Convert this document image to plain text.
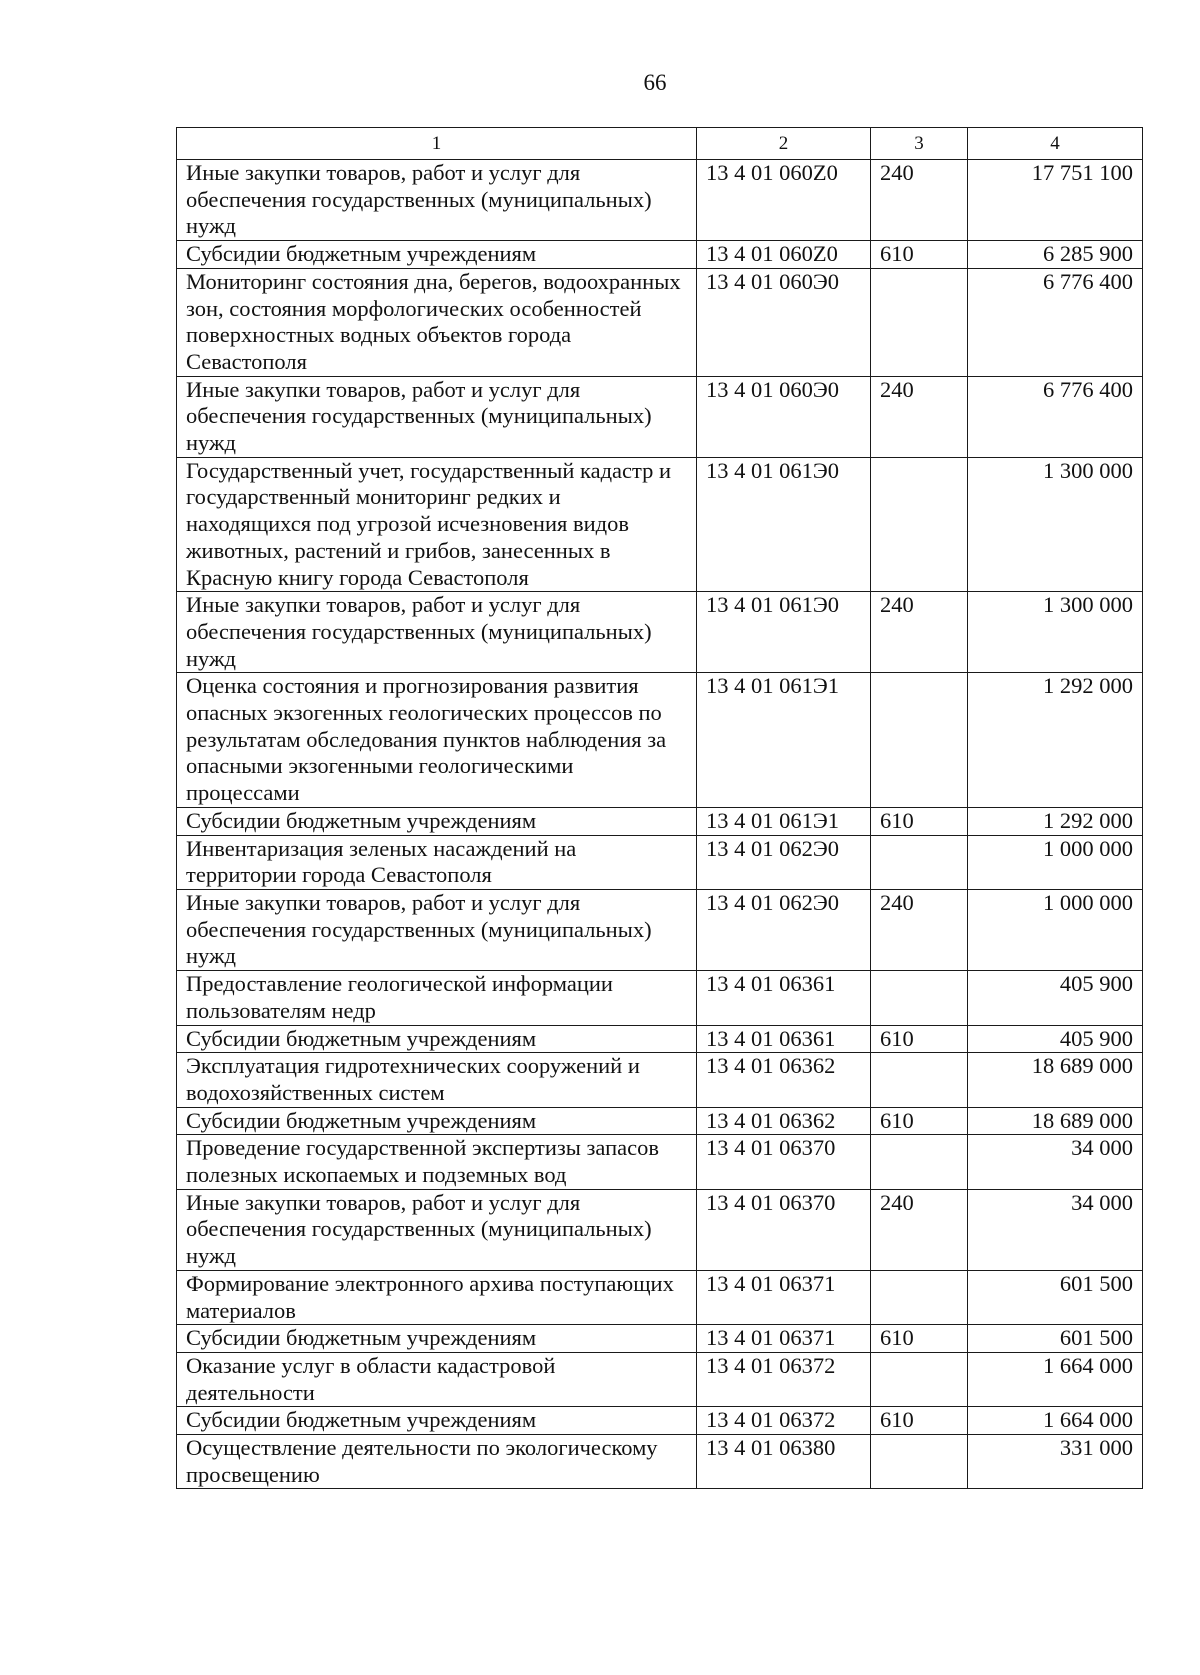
66
1	2	3	4
Иные закупки товаров, работ и услуг для обеспечения государственных (муниципальных) нужд	13 4 01 060Z0	240	17 751 100
Субсидии бюджетным учреждениям	13 4 01 060Z0	610	6 285 900
Мониторинг состояния дна, берегов, водоохранных зон, состояния морфологических особенностей поверхностных водных объектов города Севастополя	13 4 01 060Э0		6 776 400
Иные закупки товаров, работ и услуг для обеспечения государственных (муниципальных) нужд	13 4 01 060Э0	240	6 776 400
Государственный учет, государственный кадастр и государственный мониторинг редких и находящихся под угрозой исчезновения видов животных, растений и грибов, занесенных в Красную книгу города Севастополя	13 4 01 061Э0		1 300 000
Иные закупки товаров, работ и услуг для обеспечения государственных (муниципальных) нужд	13 4 01 061Э0	240	1 300 000
Оценка состояния и прогнозирования развития опасных экзогенных геологических процессов по результатам обследования пунктов наблюдения за опасными экзогенными геологическими процессами	13 4 01 061Э1		1 292 000
Субсидии бюджетным учреждениям	13 4 01 061Э1	610	1 292 000
Инвентаризация зеленых насаждений на территории города Севастополя	13 4 01 062Э0		1 000 000
Иные закупки товаров, работ и услуг для обеспечения государственных (муниципальных) нужд	13 4 01 062Э0	240	1 000 000
Предоставление геологической информации пользователям недр	13 4 01 06361		405 900
Субсидии бюджетным учреждениям	13 4 01 06361	610	405 900
Эксплуатация гидротехнических сооружений и водохозяйственных систем	13 4 01 06362		18 689 000
Субсидии бюджетным учреждениям	13 4 01 06362	610	18 689 000
Проведение государственной экспертизы запасов полезных ископаемых и подземных вод	13 4 01 06370		34 000
Иные закупки товаров, работ и услуг для обеспечения государственных (муниципальных) нужд	13 4 01 06370	240	34 000
Формирование электронного архива поступающих материалов	13 4 01 06371		601 500
Субсидии бюджетным учреждениям	13 4 01 06371	610	601 500
Оказание услуг в области кадастровой деятельности	13 4 01 06372		1 664 000
Субсидии бюджетным учреждениям	13 4 01 06372	610	1 664 000
Осуществление деятельности по экологическому просвещению	13 4 01 06380		331 000
